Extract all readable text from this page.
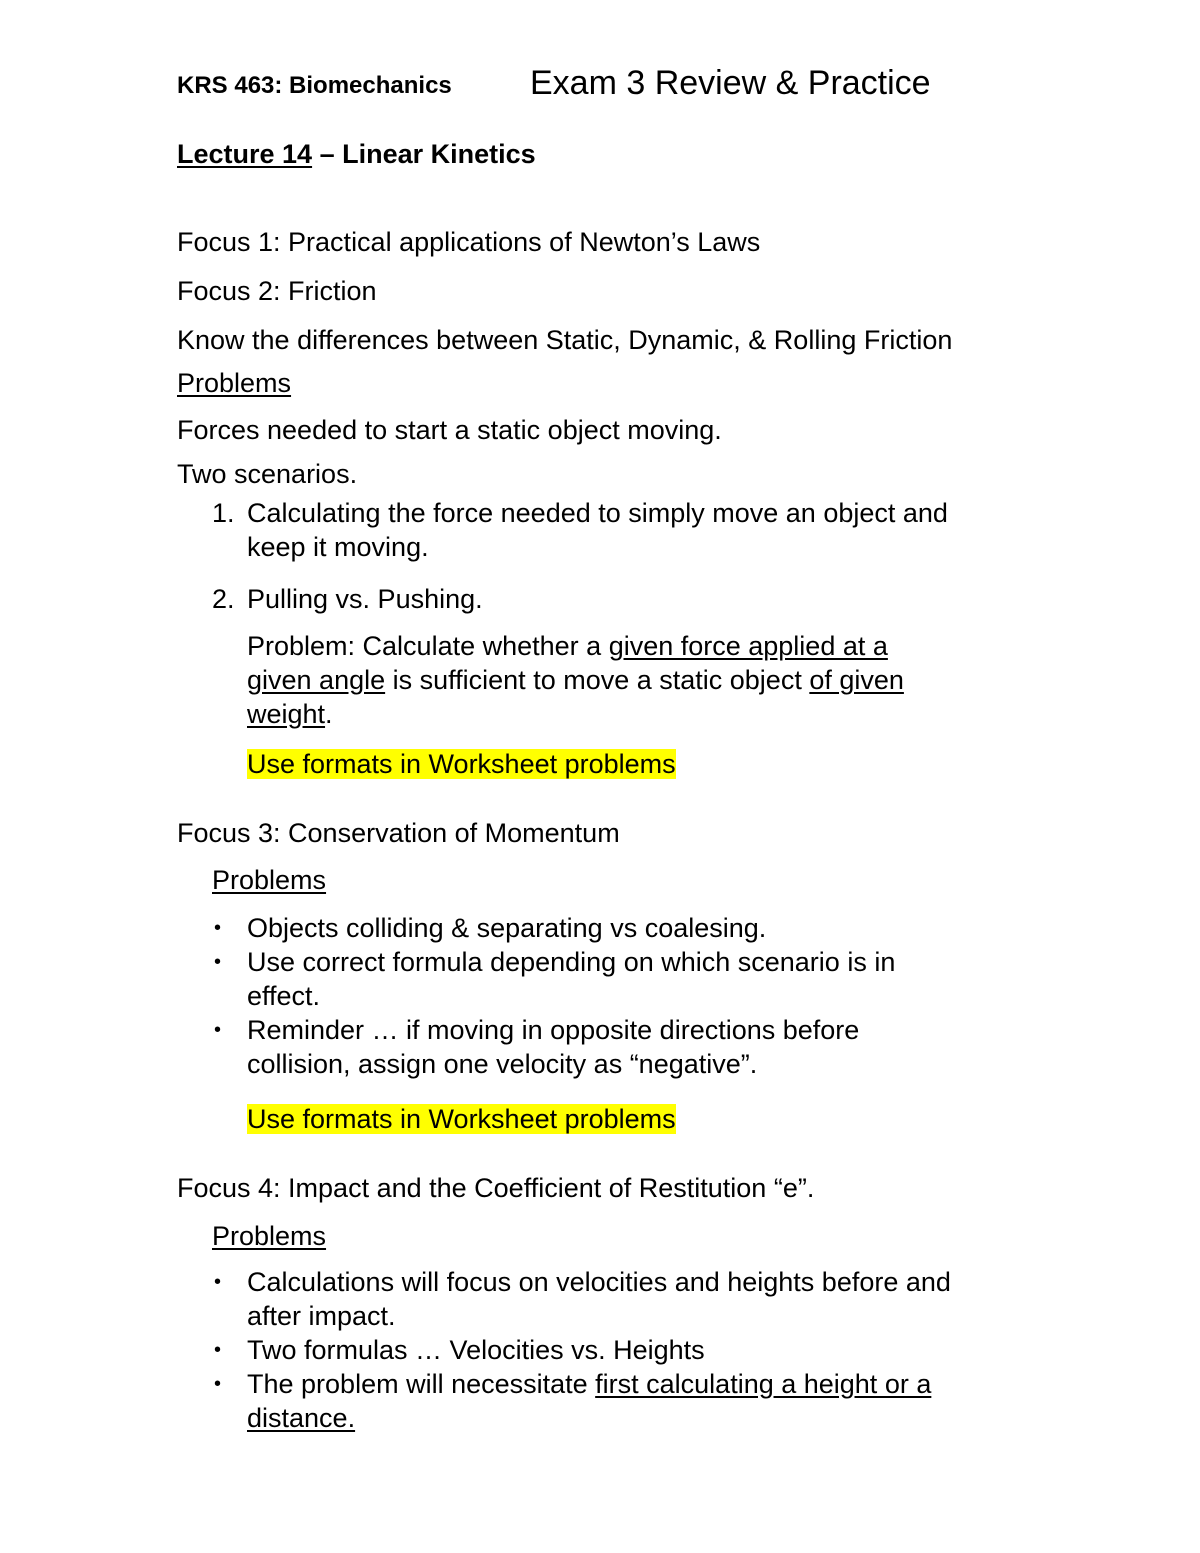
KRS 463: Biomechanics Exam 3 Review & Practice
Lecture 14 – Linear Kinetics
Focus 1: Practical applications of Newton’s Laws
Focus 2: Friction
Know the differences between Static, Dynamic, & Rolling Friction
Problems
Forces needed to start a static object moving.
Two scenarios.
1. Calculating the force needed to simply move an object and
keep it moving.
2. Pulling vs. Pushing.
Problem: Calculate whether a given force applied at a
given angle is sufficient to move a static object of given
weight.
Use formats in Worksheet problems
Focus 3: Conservation of Momentum
Problems
• Objects colliding & separating vs coalesing.
• Use correct formula depending on which scenario is in
effect.
• Reminder … if moving in opposite directions before
collision, assign one velocity as “negative”.
Use formats in Worksheet problems
Focus 4: Impact and the Coefficient of Restitution “e”.
Problems
• Calculations will focus on velocities and heights before and
after impact.
• Two formulas … Velocities vs. Heights
• The problem will necessitate first calculating a height or a
distance.
